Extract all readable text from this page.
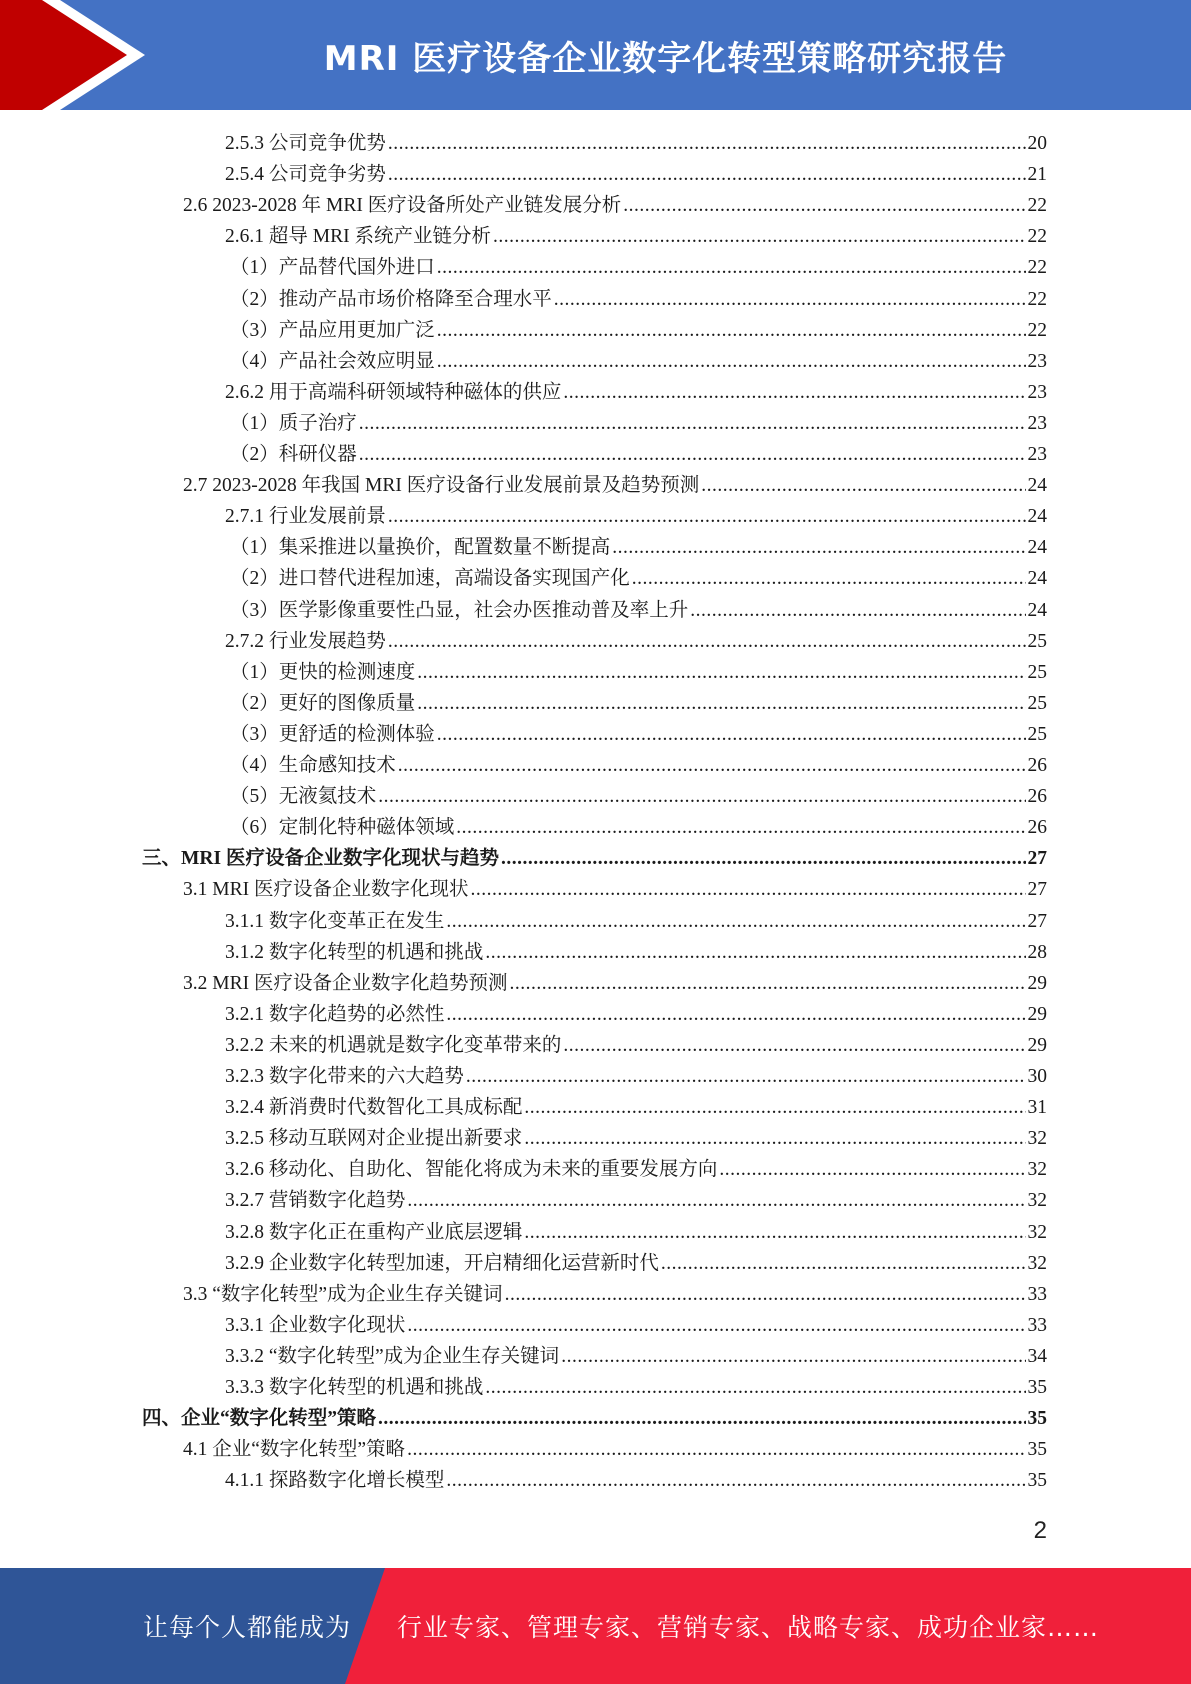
MRI 医疗设备企业数字化转型策略研究报告
2.5.3 公司竞争优势 .....	20
2.5.4 公司竞争劣势 .....	21
2.6 2023-2028 年 MRI 医疗设备所处产业链发展分析 .....	22
2.6.1 超导 MRI 系统产业链分析 .....	22
（1）产品替代国外进口 .....	22
（2）推动产品市场价格降至合理水平 .....	22
（3）产品应用更加广泛 .....	22
（4）产品社会效应明显 .....	23
2.6.2 用于高端科研领域特种磁体的供应 .....	23
（1）质子治疗 .....	23
（2）科研仪器 .....	23
2.7 2023-2028 年我国 MRI 医疗设备行业发展前景及趋势预测 .....	24
2.7.1 行业发展前景 .....	24
（1）集采推进以量换价，配置数量不断提高 .....	24
（2）进口替代进程加速，高端设备实现国产化 .....	24
（3）医学影像重要性凸显，社会办医推动普及率上升 .....	24
2.7.2 行业发展趋势 .....	25
（1）更快的检测速度 .....	25
（2）更好的图像质量 .....	25
（3）更舒适的检测体验 .....	25
（4）生命感知技术 .....	26
（5）无液氦技术 .....	26
（6）定制化特种磁体领域 .....	26
三、MRI 医疗设备企业数字化现状与趋势 .....	27
3.1 MRI 医疗设备企业数字化现状 .....	27
3.1.1 数字化变革正在发生 .....	27
3.1.2 数字化转型的机遇和挑战 .....	28
3.2 MRI 医疗设备企业数字化趋势预测 .....	29
3.2.1 数字化趋势的必然性 .....	29
3.2.2 未来的机遇就是数字化变革带来的 .....	29
3.2.3 数字化带来的六大趋势 .....	30
3.2.4 新消费时代数智化工具成标配 .....	31
3.2.5 移动互联网对企业提出新要求 .....	32
3.2.6 移动化、自助化、智能化将成为未来的重要发展方向 .....	32
3.2.7 营销数字化趋势 .....	32
3.2.8 数字化正在重构产业底层逻辑 .....	32
3.2.9 企业数字化转型加速，开启精细化运营新时代 .....	32
3.3 “数字化转型”成为企业生存关键词 .....	33
3.3.1 企业数字化现状 .....	33
3.3.2 “数字化转型”成为企业生存关键词 .....	34
3.3.3 数字化转型的机遇和挑战 .....	35
四、企业“数字化转型”策略 .....	35
4.1 企业“数字化转型”策略 .....	35
4.1.1 探路数字化增长模型 .....	35
2
让每个人都能成为 行业专家、管理专家、营销专家、战略专家、成功企业家……
